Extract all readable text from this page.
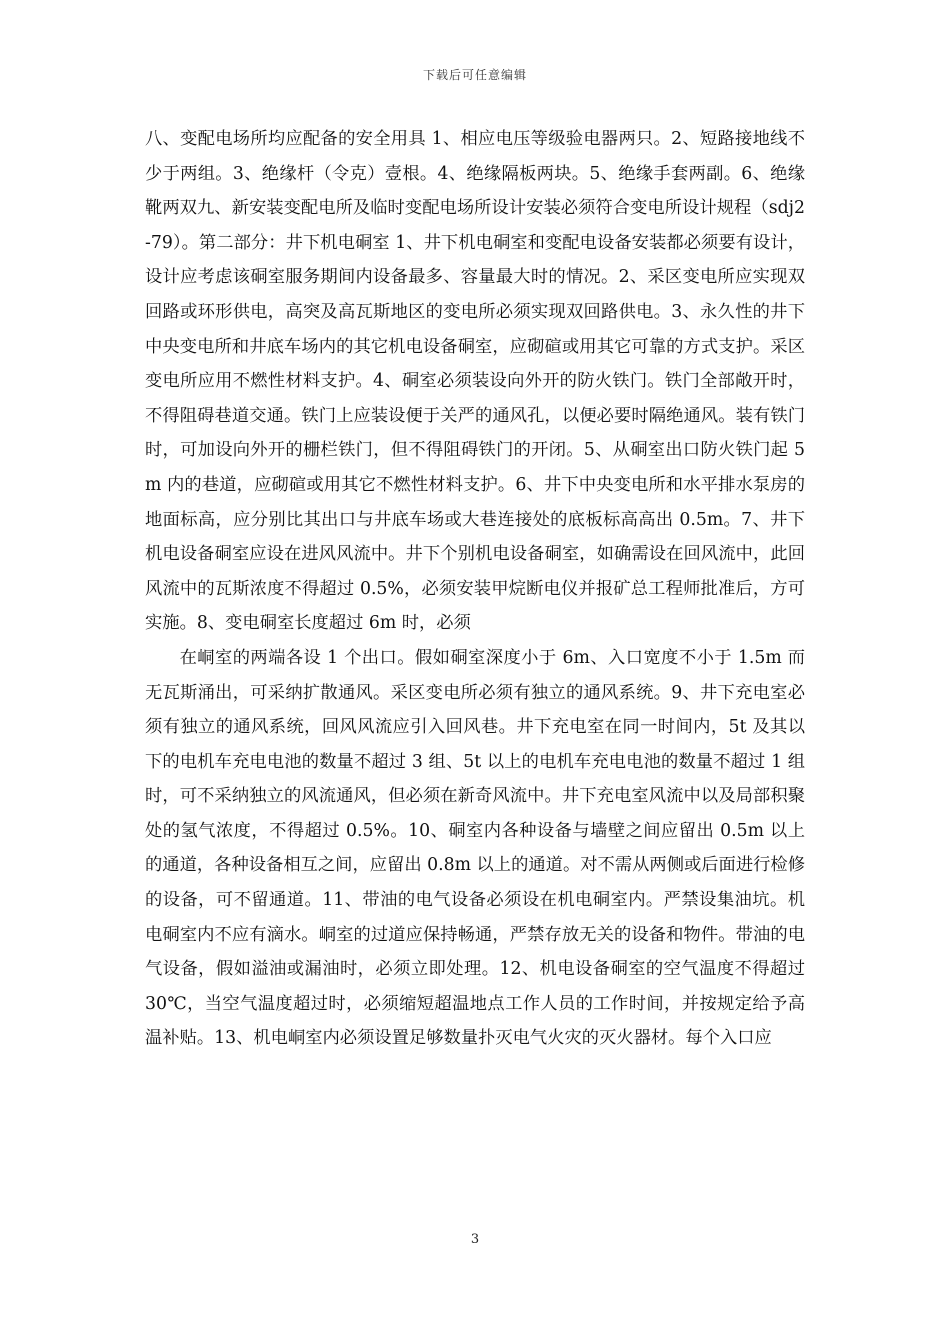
下载后可任意编辑

八、变配电场所均应配备的安全用具 1、相应电压等级验电器两只。2、短路接地线不少于两组。3、绝缘杆（令克）壹根。4、绝缘隔板两块。5、绝缘手套两副。6、绝缘靴两双九、新安装变配电所及临时变配电场所设计安装必须符合变电所设计规程（sdj2-79）。第二部分：井下机电硐室 1、井下机电硐室和变配电设备安装都必须要有设计，设计应考虑该硐室服务期间内设备最多、容量最大时的情况。2、采区变电所应实现双回路或环形供电，高突及高瓦斯地区的变电所必须实现双回路供电。3、永久性的井下中央变电所和井底车场内的其它机电设备硐室，应砌碹或用其它可靠的方式支护。采区变电所应用不燃性材料支护。4、硐室必须装设向外开的防火铁门。铁门全部敞开时，不得阻碍巷道交通。铁门上应装设便于关严的通风孔，以便必要时隔绝通风。装有铁门时，可加设向外开的栅栏铁门，但不得阻碍铁门的开闭。5、从硐室出口防火铁门起 5m 内的巷道，应砌碹或用其它不燃性材料支护。6、井下中央变电所和水平排水泵房的地面标高，应分别比其出口与井底车场或大巷连接处的底板标高高出 0.5m。7、井下机电设备硐室应设在进风风流中。井下个别机电设备硐室，如确需设在回风流中，此回风流中的瓦斯浓度不得超过 0.5%，必须安装甲烷断电仪并报矿总工程师批准后，方可实施。8、变电硐室长度超过 6m 时，必须

在峒室的两端各设 1 个出口。假如硐室深度小于 6m、入口宽度不小于 1.5m 而无瓦斯涌出，可采纳扩散通风。采区变电所必须有独立的通风系统。9、井下充电室必须有独立的通风系统，回风风流应引入回风巷。井下充电室在同一时间内，5t 及其以下的电机车充电电池的数量不超过 3 组、5t 以上的电机车充电电池的数量不超过 1 组时，可不采纳独立的风流通风，但必须在新奇风流中。井下充电室风流中以及局部积聚处的氢气浓度，不得超过 0.5%。10、硐室内各种设备与墙壁之间应留出 0.5m 以上的通道，各种设备相互之间，应留出 0.8m 以上的通道。对不需从两侧或后面进行检修的设备，可不留通道。11、带油的电气设备必须设在机电硐室内。严禁设集油坑。机电硐室内不应有滴水。峒室的过道应保持畅通，严禁存放无关的设备和物件。带油的电气设备，假如溢油或漏油时，必须立即处理。12、机电设备硐室的空气温度不得超过 30℃，当空气温度超过时，必须缩短超温地点工作人员的工作时间，并按规定给予高温补贴。13、机电峒室内必须设置足够数量扑灭电气火灾的灭火器材。每个入口应

3
